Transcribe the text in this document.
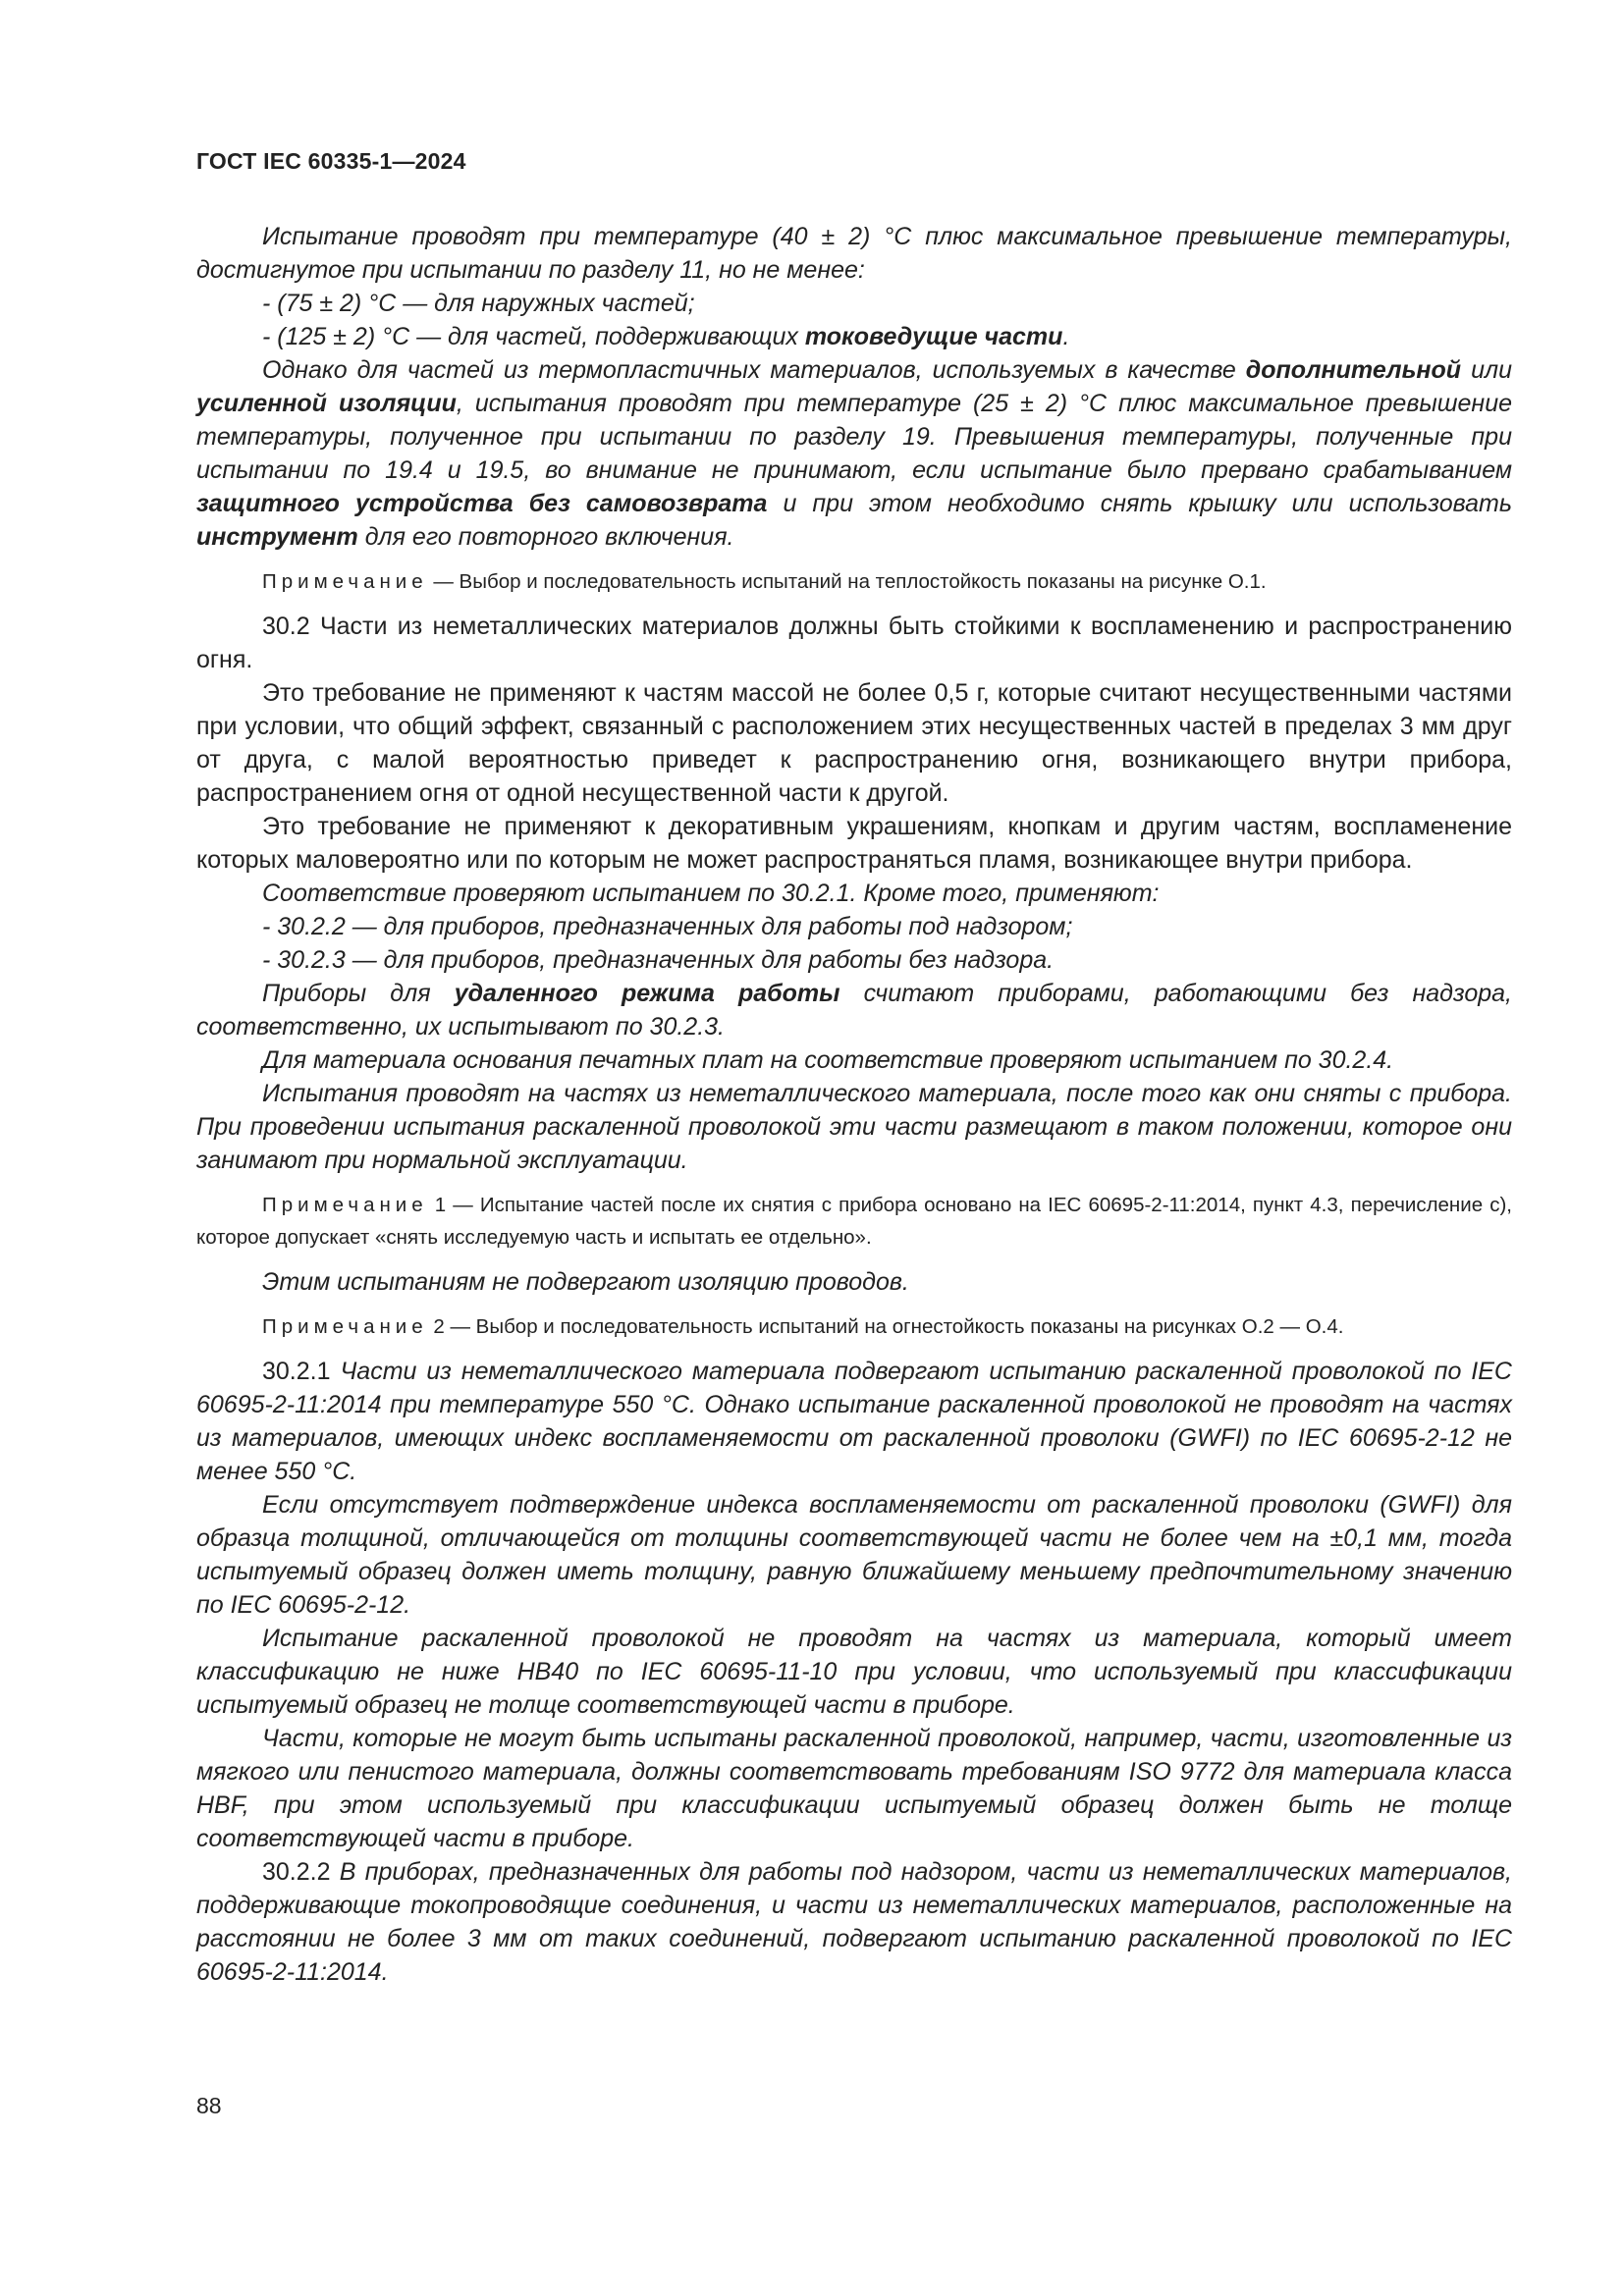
ГОСТ IEC 60335-1—2024

Испытание проводят при температуре (40 ± 2) °С плюс максимальное превышение температуры, достигнутое при испытании по разделу 11, но не менее:

- (75 ± 2) °С — для наружных частей;

- (125 ± 2) °С — для частей, поддерживающих токоведущие части.

Однако для частей из термопластичных материалов, используемых в качестве дополнительной или усиленной изоляции, испытания проводят при температуре (25 ± 2) °С плюс максимальное превышение температуры, полученное при испытании по разделу 19. Превышения температуры, полученные при испытании по 19.4 и 19.5, во внимание не принимают, если испытание было прервано срабатыванием защитного устройства без самовозврата и при этом необходимо снять крышку или использовать инструмент для его повторного включения.

Примечание — Выбор и последовательность испытаний на теплостойкость показаны на рисунке О.1.

30.2 Части из неметаллических материалов должны быть стойкими к воспламенению и распространению огня.

Это требование не применяют к частям массой не более 0,5 г, которые считают несущественными частями при условии, что общий эффект, связанный с расположением этих несущественных частей в пределах 3 мм друг от друга, с малой вероятностью приведет к распространению огня, возникающего внутри прибора, распространением огня от одной несущественной части к другой.

Это требование не применяют к декоративным украшениям, кнопкам и другим частям, воспламенение которых маловероятно или по которым не может распространяться пламя, возникающее внутри прибора.

Соответствие проверяют испытанием по 30.2.1. Кроме того, применяют:

- 30.2.2 — для приборов, предназначенных для работы под надзором;

- 30.2.3 — для приборов, предназначенных для работы без надзора.

Приборы для удаленного режима работы считают приборами, работающими без надзора, соответственно, их испытывают по 30.2.3.

Для материала основания печатных плат на соответствие проверяют испытанием по 30.2.4.

Испытания проводят на частях из неметаллического материала, после того как они сняты с прибора. При проведении испытания раскаленной проволокой эти части размещают в таком положении, которое они занимают при нормальной эксплуатации.

Примечание 1 — Испытание частей после их снятия с прибора основано на IEC 60695-2-11:2014, пункт 4.3, перечисление с), которое допускает «снять исследуемую часть и испытать ее отдельно».

Этим испытаниям не подвергают изоляцию проводов.

Примечание 2 — Выбор и последовательность испытаний на огнестойкость показаны на рисунках О.2 — О.4.

30.2.1 Части из неметаллического материала подвергают испытанию раскаленной проволокой по IEC 60695-2-11:2014 при температуре 550 °С. Однако испытание раскаленной проволокой не проводят на частях из материалов, имеющих индекс воспламеняемости от раскаленной проволоки (GWFI) по IEC 60695-2-12 не менее 550 °С.

Если отсутствует подтверждение индекса воспламеняемости от раскаленной проволоки (GWFI) для образца толщиной, отличающейся от толщины соответствующей части не более чем на ±0,1 мм, тогда испытуемый образец должен иметь толщину, равную ближайшему меньшему предпочтительному значению по IEC 60695-2-12.

Испытание раскаленной проволокой не проводят на частях из материала, который имеет классификацию не ниже НВ40 по IEC 60695-11-10 при условии, что используемый при классификации испытуемый образец не толще соответствующей части в приборе.

Части, которые не могут быть испытаны раскаленной проволокой, например, части, изготовленные из мягкого или пенистого материала, должны соответствовать требованиям ISO 9772 для материала класса HBF, при этом используемый при классификации испытуемый образец должен быть не толще соответствующей части в приборе.

30.2.2 В приборах, предназначенных для работы под надзором, части из неметаллических материалов, поддерживающие токопроводящие соединения, и части из неметаллических материалов, расположенные на расстоянии не более 3 мм от таких соединений, подвергают испытанию раскаленной проволокой по IEC 60695-2-11:2014.

88
